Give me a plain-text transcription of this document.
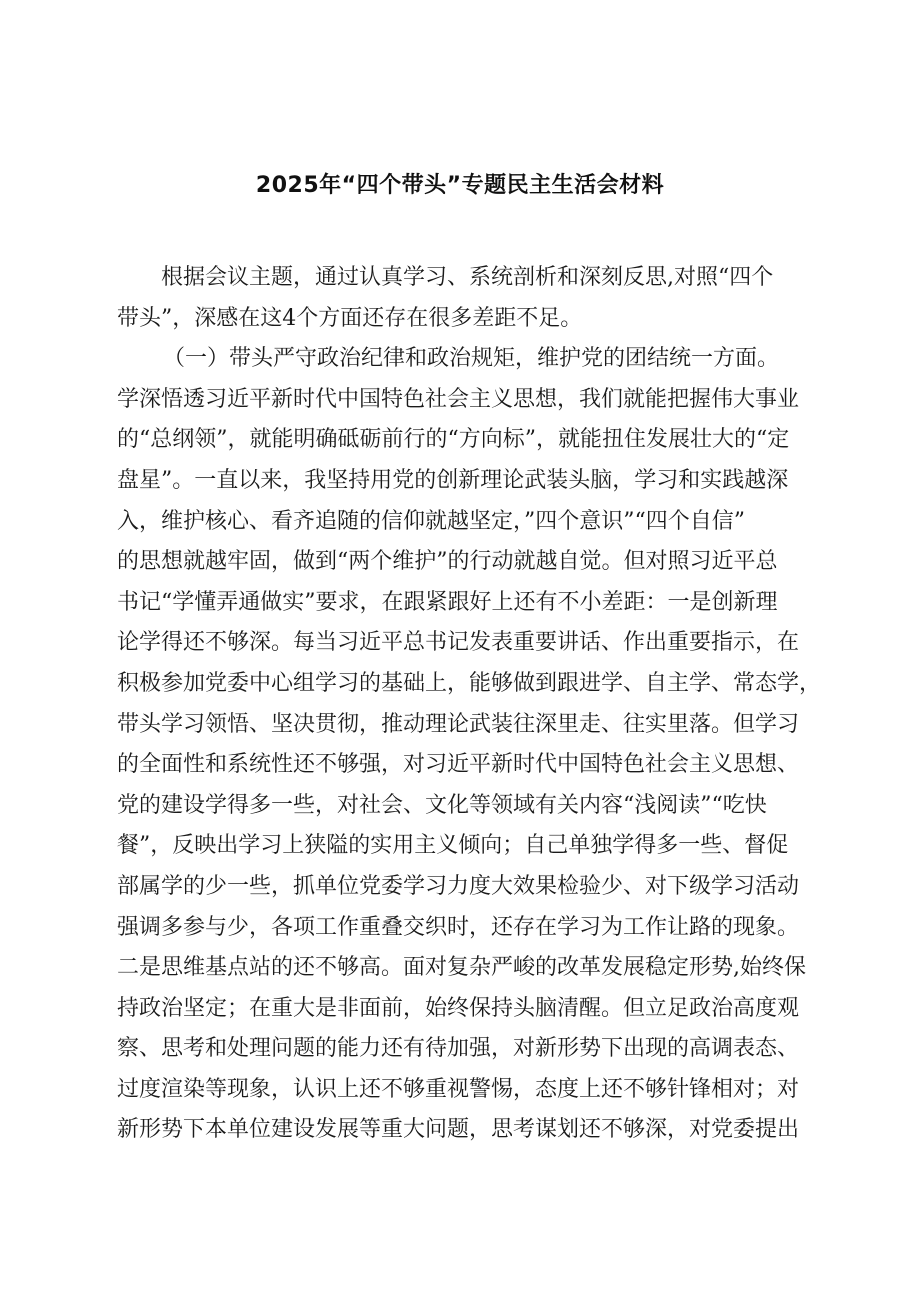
2025年“四个带头”专题民主生活会材料
根据会议主题，通过认真学习、系统剖析和深刻反思,对照“四个
带头”，深感在这4个方面还存在很多差距不足。
（一）带头严守政治纪律和政治规矩，维护党的团结统一方面。
学深悟透习近平新时代中国特色社会主义思想，我们就能把握伟大事业
的“总纲领”，就能明确砥砺前行的“方向标”，就能扭住发展壮大的“定
盘星”。一直以来，我坚持用党的创新理论武装头脑，学习和实践越深
入，维护核心、看齐追随的信仰就越坚定，”四个意识”“四个自信”
的思想就越牢固，做到“两个维护”的行动就越自觉。但对照习近平总
书记“学懂弄通做实”要求，在跟紧跟好上还有不小差距：一是创新理
论学得还不够深。每当习近平总书记发表重要讲话、作出重要指示，在
积极参加党委中心组学习的基础上，能够做到跟进学、自主学、常态学，
带头学习领悟、坚决贯彻，推动理论武装往深里走、往实里落。但学习
的全面性和系统性还不够强，对习近平新时代中国特色社会主义思想、
党的建设学得多一些，对社会、文化等领域有关内容“浅阅读”“吃快
餐”，反映出学习上狭隘的实用主义倾向；自己单独学得多一些、督促
部属学的少一些，抓单位党委学习力度大效果检验少、对下级学习活动
强调多参与少，各项工作重叠交织时，还存在学习为工作让路的现象。
二是思维基点站的还不够高。面对复杂严峻的改革发展稳定形势,始终保
持政治坚定；在重大是非面前，始终保持头脑清醒。但立足政治高度观
察、思考和处理问题的能力还有待加强，对新形势下出现的高调表态、
过度渲染等现象，认识上还不够重视警惕，态度上还不够针锋相对；对
新形势下本单位建设发展等重大问题，思考谋划还不够深，对党委提出
